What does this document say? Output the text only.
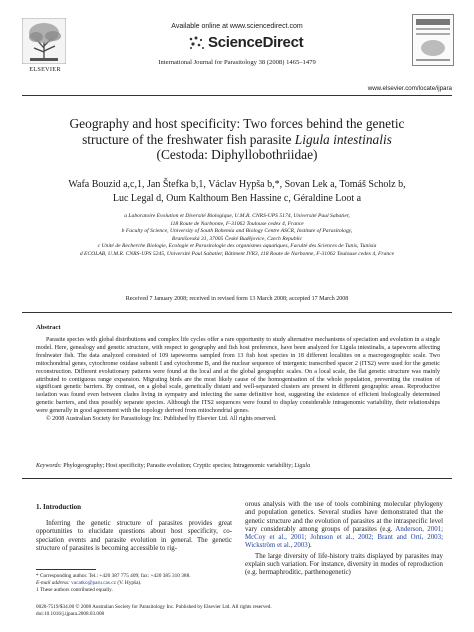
ELSEVIER
Available online at www.sciencedirect.com
ScienceDirect
International Journal for Parasitology 38 (2008) 1465–1479
www.elsevier.com/locate/ijpara
Geography and host specificity: Two forces behind the genetic
structure of the freshwater fish parasite Ligula intestinalis
(Cestoda: Diphyllobothriidae)
Wafa Bouzid a,c,1, Jan Štefka b,1, Václav Hypša b,*, Sovan Lek a, Tomáš Scholz b,
Luc Legal d, Oum Kalthoum Ben Hassine c, Géraldine Loot a
a Laboratoire Evolution et Diversité Biologique, U.M.R. CNRS-UPS 5174, Université Paul Sabatier,
118 Route de Narbonne, F-31062 Toulouse cedex 4, France
b Faculty of Science, University of South Bohemia and Biology Centre ASCR, Institute of Parasitology,
Branišovská 31, 37005 České Budějovice, Czech Republic
c Unité de Recherche Biologie, Ecologie et Parasitologie des organismes aquatiques, Faculté des Sciences de Tunis, Tunisia
d ECOLAB, U.M.R. CNRS-UPS 5245, Université Paul Sabatier, Bâtiment IVR3, 118 Route de Narbonne, F-31062 Toulouse cedex 4, France
Received 7 January 2008; received in revised form 13 March 2008; accepted 17 March 2008
Abstract
Parasite species with global distributions and complex life cycles offer a rare opportunity to study alternative mechanisms of speciation and evolution in a single model. Here, genealogy and genetic structure, with respect to geography and fish host preference, have been analyzed for Ligula intestinalis, a tapeworm affecting freshwater fish. The data analyzed consisted of 109 tapeworms sampled from 13 fish host species in 18 different localities on a macrogeographic scale. Two mitochondrial genes, cytochrome oxidase subunit I and cytochrome B, and the nuclear sequence of intergenic transcribed spacer 2 (ITS2) were used for the genetic reconstruction. Different evolutionary patterns were found at the local and at the global geographic scales. On a local scale, the flat genetic structure was mainly attributed to contiguous range expansion. Migrating birds are the most likely cause of the homogenisation of the whole population, preventing the creation of significant genetic barriers. By contrast, on a global scale, genetically distant and well-separated clusters are present in different geographic areas. Reproductive isolation was found even between clades living in sympatry and infecting the same definitive host, suggesting the existence of efficient biologically determined genetic barriers, and thus possibly separate species. Although the ITS2 sequences were found to display considerable intragenomic variability, their relationships were generally in good agreement with the topology derived from mitochondrial genes.
© 2008 Australian Society for Parasitology Inc. Published by Elsevier Ltd. All rights reserved.
Keywords: Phylogeography; Host specificity; Parasite evolution; Cryptic species; Intragenomic variability; Ligula
1. Introduction
Inferring the genetic structure of parasites provides great opportunities to elucidate questions about host specificity, co-speciation events and parasite evolution in general. The genetic structure of parasites is becoming accessible to rig-

orous analysis with the use of tools combining molecular phylogeny and population genetics. Several studies have demonstrated that the genetic structure and the evolution of parasites at the intraspecific level vary considerably among groups of parasites (e.g. Anderson, 2001; McCoy et al., 2001; Johnson et al., 2002; Brant and Ortí, 2003; Wickström et al., 2003).

The large diversity of life-history traits displayed by parasites may explain such variation. For instance, diversity in modes of reproduction (e.g. hermaphroditic, parthenogenetic)

* Corresponding author. Tel.: +420 387 775 409; fax: +420 385 310 388.
E-mail address: vacatko@paru.cas.cz (V. Hypša).
1 These authors contributed equally.
0020-7519/$34.00 © 2008 Australian Society for Parasitology Inc. Published by Elsevier Ltd. All rights reserved.
doi:10.1016/j.ijpara.2008.03.008
